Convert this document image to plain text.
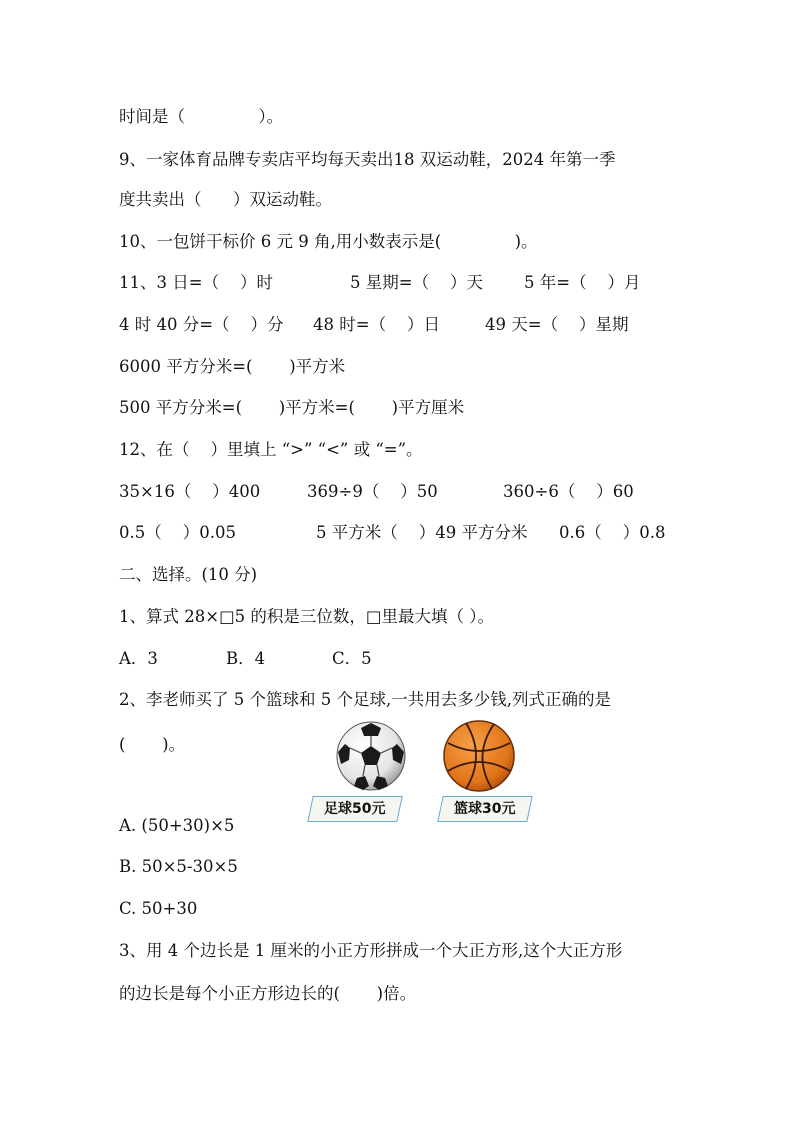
时间是（              ）。
9、一家体育品牌专卖店平均每天卖出18 双运动鞋，2024 年第一季
度共卖出（      ）双运动鞋。
10、一包饼干标价 6 元 9 角,用小数表示是(              )。
11、3 日=（    ）时	5 星期=（    ）天 5 年=（    ）月
4 时 40 分=（    ）分 48 时=（    ）日	49 天=（    ）星期
6000 平方分米=(       )平方米
500 平方分米=(       )平方米=(       )平方厘米
12、在（    ）里填上 “>” “<” 或 “=”。
35×16（    ）400	369÷9（    ）50	360÷6（    ）60
0.5（    ）0.05	5 平方米（    ）49 平方分米 0.6（    ）0.8
二、选择。(10 分)
1、算式 28×□5 的积是三位数，□里最大填（ ）。
A．3	B．4	C．5
2、李老师买了 5 个篮球和 5 个足球,一共用去多少钱,列式正确的是
(       )。
足球50元	篮球30元
A. (50+30)×5
B. 50×5-30×5
C. 50+30
3、用 4 个边长是 1 厘米的小正方形拼成一个大正方形,这个大正方形
的边长是每个小正方形边长的(       )倍。
